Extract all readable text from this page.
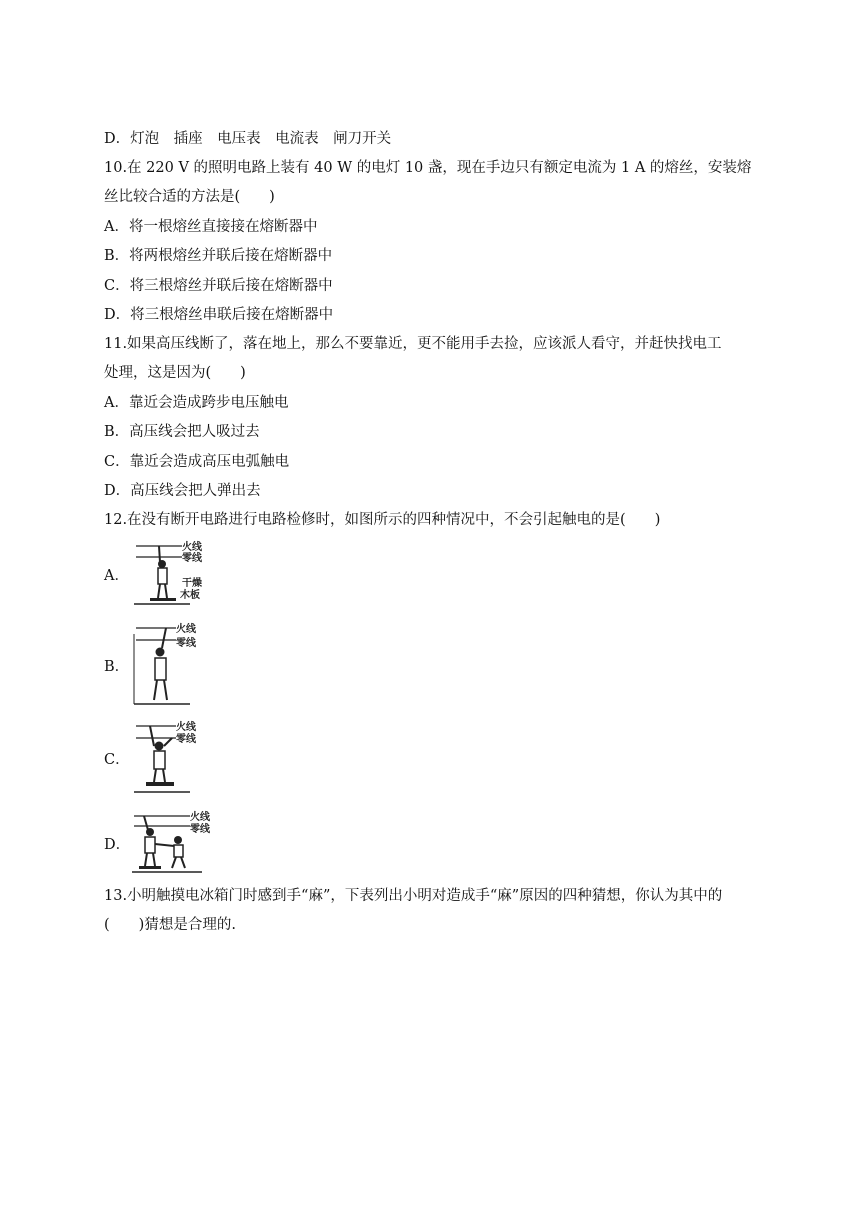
D．灯泡　插座　电压表　电流表　闸刀开关
10.在 220 V 的照明电路上装有 40 W 的电灯 10 盏，现在手边只有额定电流为 1 A 的熔丝，安装熔
丝比较合适的方法是(　　)
A．将一根熔丝直接接在熔断器中
B．将两根熔丝并联后接在熔断器中
C．将三根熔丝并联后接在熔断器中
D．将三根熔丝串联后接在熔断器中
11.如果高压线断了，落在地上，那么不要靠近，更不能用手去捡，应该派人看守，并赶快找电工
处理，这是因为(　　)
A．靠近会造成跨步电压触电
B．高压线会把人吸过去
C．靠近会造成高压电弧触电
D．高压线会把人弹出去
12.在没有断开电路进行电路检修时，如图所示的四种情况中，不会引起触电的是(　　)
A．
火线
零线
干燥
木板
B．
火线
零线
C．
火线
零线
D．
火线
零线
13.小明触摸电冰箱门时感到手“麻”，下表列出小明对造成手“麻”原因的四种猜想，你认为其中的
(　　)猜想是合理的.
